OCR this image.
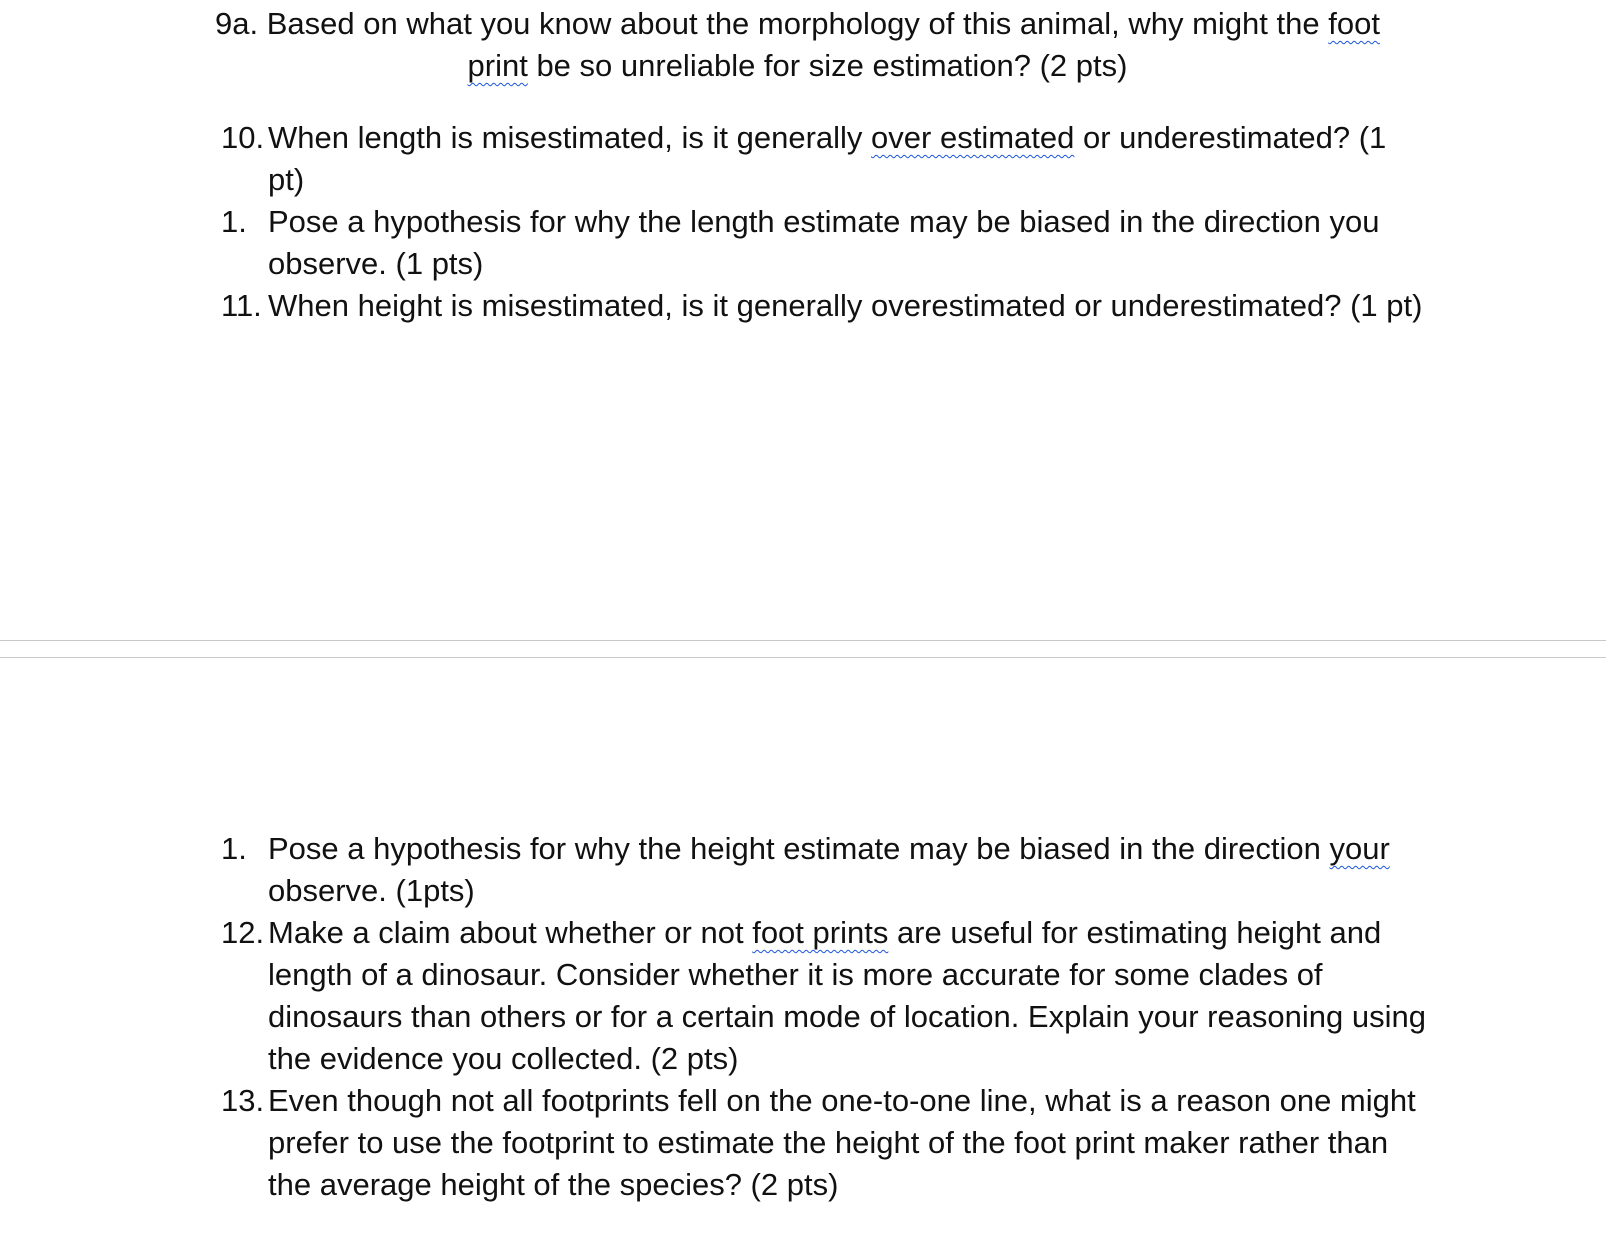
9a. Based on what you know about the morphology of this animal, why might the foot print be so unreliable for size estimation? (2 pts)

10. When length is misestimated, is it generally over estimated or underestimated? (1 pt)
1. Pose a hypothesis for why the length estimate may be biased in the direction you observe. (1 pts)
11. When height is misestimated, is it generally overestimated or underestimated? (1 pt)
1. Pose a hypothesis for why the height estimate may be biased in the direction your observe. (1pts)
12. Make a claim about whether or not foot prints are useful for estimating height and length of a dinosaur. Consider whether it is more accurate for some clades of dinosaurs than others or for a certain mode of location. Explain your reasoning using the evidence you collected. (2 pts)
13. Even though not all footprints fell on the one-to-one line, what is a reason one might prefer to use the footprint to estimate the height of the foot print maker rather than the average height of the species? (2 pts)
